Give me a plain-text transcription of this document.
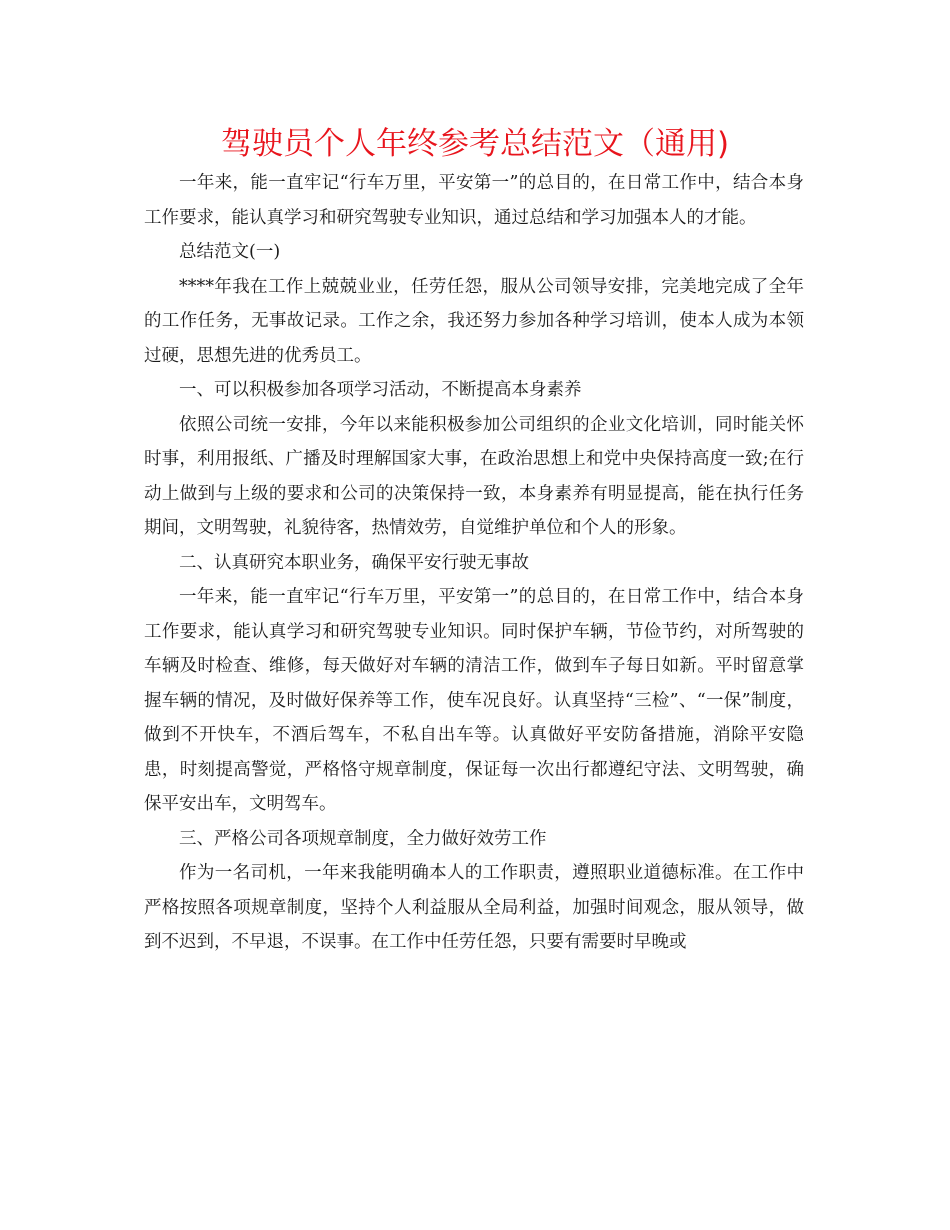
驾驶员个人年终参考总结范文（通用)

一年来，能一直牢记“行车万里，平安第一”的总目的，在日常工作中，结合本身工作要求，能认真学习和研究驾驶专业知识，通过总结和学习加强本人的才能。

总结范文(一)

****年我在工作上兢兢业业，任劳任怨，服从公司领导安排，完美地完成了全年的工作任务，无事故记录。工作之余，我还努力参加各种学习培训，使本人成为本领过硬，思想先进的优秀员工。

一、可以积极参加各项学习活动，不断提高本身素养

依照公司统一安排，今年以来能积极参加公司组织的企业文化培训，同时能关怀时事，利用报纸、广播及时理解国家大事，在政治思想上和党中央保持高度一致;在行动上做到与上级的要求和公司的决策保持一致，本身素养有明显提高，能在执行任务期间，文明驾驶，礼貌待客，热情效劳，自觉维护单位和个人的形象。

二、认真研究本职业务，确保平安行驶无事故

一年来，能一直牢记“行车万里，平安第一”的总目的，在日常工作中，结合本身工作要求，能认真学习和研究驾驶专业知识。同时保护车辆，节俭节约，对所驾驶的车辆及时检查、维修，每天做好对车辆的清洁工作，做到车子每日如新。平时留意掌握车辆的情况，及时做好保养等工作，使车况良好。认真坚持“三检”、“一保”制度，做到不开快车，不酒后驾车，不私自出车等。认真做好平安防备措施，消除平安隐患，时刻提高警觉，严格恪守规章制度，保证每一次出行都遵纪守法、文明驾驶，确保平安出车，文明驾车。

三、严格公司各项规章制度，全力做好效劳工作

作为一名司机，一年来我能明确本人的工作职责，遵照职业道德标准。在工作中严格按照各项规章制度，坚持个人利益服从全局利益，加强时间观念，服从领导，做到不迟到，不早退，不误事。在工作中任劳任怨，只要有需要时早晚或
